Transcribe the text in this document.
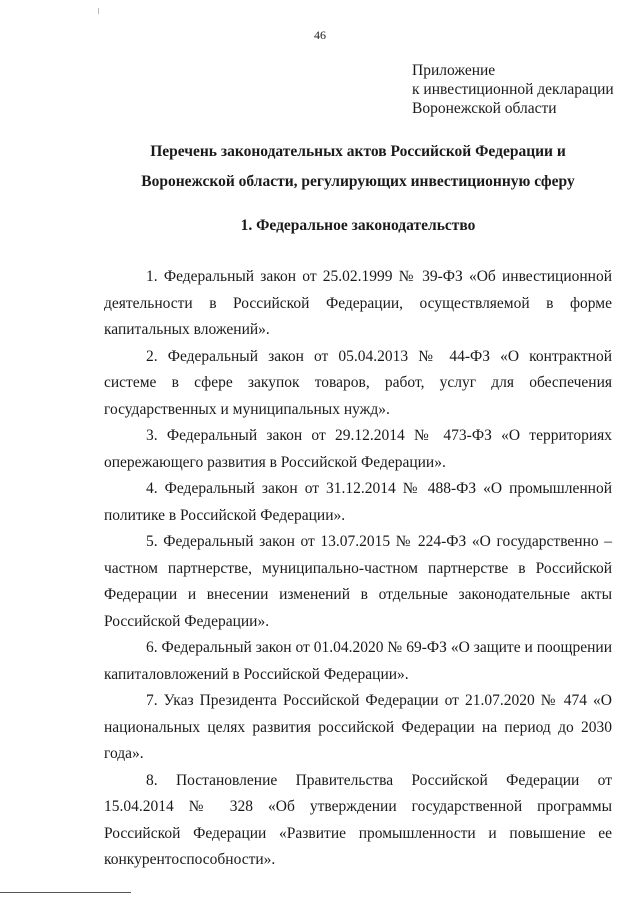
46
Приложение
к инвестиционной декларации
Воронежской области
Перечень законодательных актов Российской Федерации и Воронежской области, регулирующих инвестиционную сферу
1. Федеральное законодательство

1. Федеральный закон от 25.02.1999 № 39-ФЗ «Об инвестиционной деятельности в Российской Федерации, осуществляемой в форме капитальных вложений».

2. Федеральный закон от 05.04.2013 № 44-ФЗ «О контрактной системе в сфере закупок товаров, работ, услуг для обеспечения государственных и муниципальных нужд».

3. Федеральный закон от 29.12.2014 № 473-ФЗ «О территориях опережающего развития в Российской Федерации».

4. Федеральный закон от 31.12.2014 № 488-ФЗ «О промышленной политике в Российской Федерации».

5. Федеральный закон от 13.07.2015 № 224-ФЗ «О государственно – частном партнерстве, муниципально-частном партнерстве в Российской Федерации и внесении изменений в отдельные законодательные акты Российской Федерации».

6. Федеральный закон от 01.04.2020 № 69-ФЗ «О защите и поощрении капиталовложений в Российской Федерации».

7. Указ Президента Российской Федерации от 21.07.2020 № 474 «О национальных целях развития российской Федерации на период до 2030 года».

8. Постановление Правительства Российской Федерации от 15.04.2014 № 328 «Об утверждении государственной программы Российской Федерации «Развитие промышленности и повышение ее конкурентоспособности».
